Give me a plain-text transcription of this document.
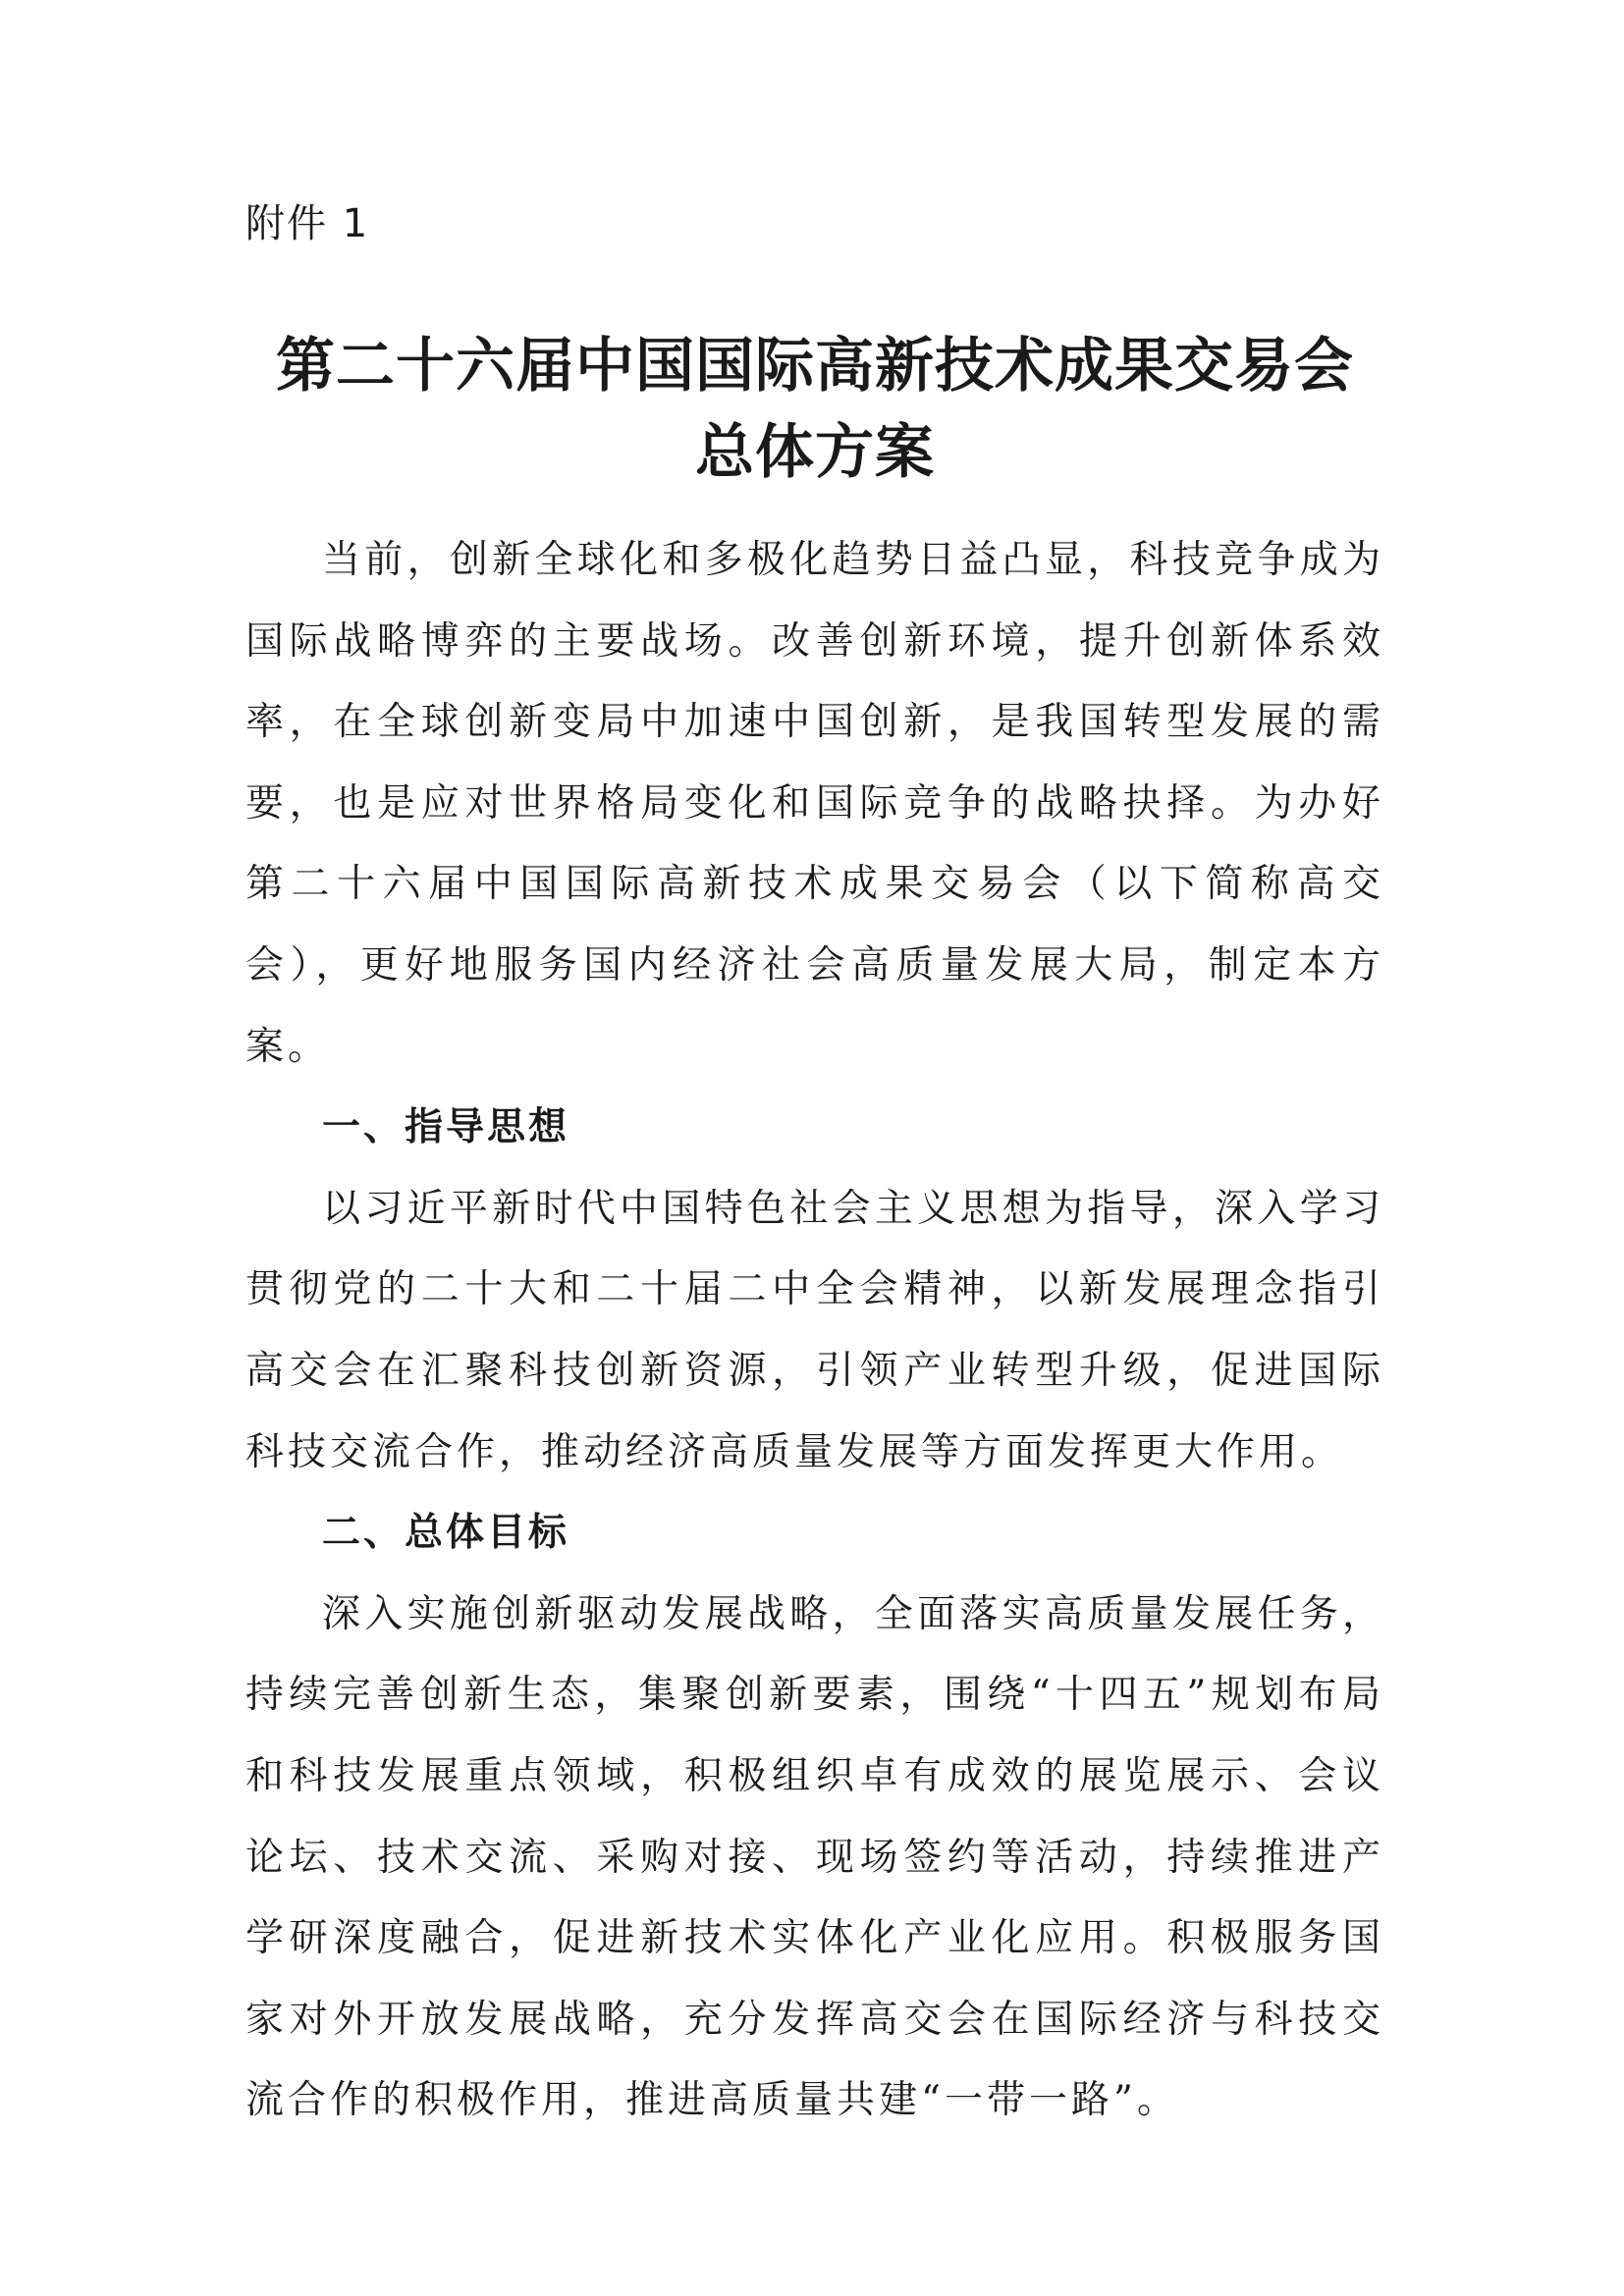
附件 1
第二十六届中国国际高新技术成果交易会
总体方案

当前，创新全球化和多极化趋势日益凸显，科技竞争成为国际战略博弈的主要战场。改善创新环境，提升创新体系效率，在全球创新变局中加速中国创新，是我国转型发展的需要，也是应对世界格局变化和国际竞争的战略抉择。为办好第二十六届中国国际高新技术成果交易会（以下简称高交会），更好地服务国内经济社会高质量发展大局，制定本方案。

一、指导思想

以习近平新时代中国特色社会主义思想为指导，深入学习贯彻党的二十大和二十届二中全会精神，以新发展理念指引高交会在汇聚科技创新资源，引领产业转型升级，促进国际科技交流合作，推动经济高质量发展等方面发挥更大作用。

二、总体目标

深入实施创新驱动发展战略，全面落实高质量发展任务，持续完善创新生态，集聚创新要素，围绕“十四五”规划布局和科技发展重点领域，积极组织卓有成效的展览展示、会议论坛、技术交流、采购对接、现场签约等活动，持续推进产学研深度融合，促进新技术实体化产业化应用。积极服务国家对外开放发展战略，充分发挥高交会在国际经济与科技交流合作的积极作用，推进高质量共建“一带一路”。
